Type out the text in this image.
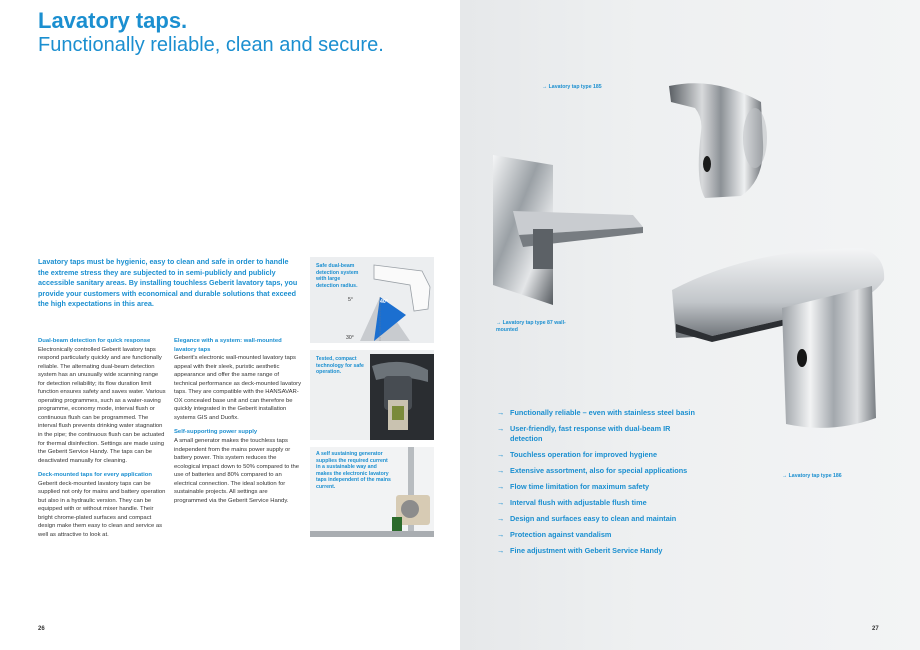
Lavatory taps.
Functionally reliable, clean and secure.

Lavatory taps must be hygienic, easy to clean and safe in order to handle the extreme stress they are subjected to in semi-publicly and publicly accessible sanitary areas. By installing touchless Geberit lavatory taps, you provide your customers with economical and durable solutions that exceed the high expectations in this area.

Dual-beam detection for quick response

Electronically controlled Geberit lavatory taps respond particularly quickly and are functionally reliable. The alternating dual-beam detection system has an unusually wide scanning range for detection reliability; its flow duration limit function ensures safety and saves water. Various operating programmes, such as a water-saving programme, economy mode, interval flush or continuous flush can be programmed. The interval flush prevents drinking water stagnation in the pipe; the continuous flush can be actuated for thermal disinfection. Settings are made using the Geberit Service Handy. The taps can be deactivated manually for cleaning.

Deck-mounted taps for every application

Geberit deck-mounted lavatory taps can be supplied not only for mains and battery operation but also in a hydraulic version. They can be equipped with or without mixer handle. Their bright chrome-plated surfaces and compact design make them easy to clean and service as well as attractive to look at.

Elegance with a system: wall-mounted lavatory taps

Geberit's electronic wall-mounted lavatory taps appeal with their sleek, puristic aesthetic appearance and offer the same range of technical performance as deck-mounted lavatory taps. They are compatible with the HANSAVAR-OX concealed base unit and can therefore be quickly integrated in the Geberit installation systems GIS and Duofix.

Self-supporting power supply

A small generator makes the touchless taps independent from the mains power supply or battery power. This system reduces the ecological impact down to 50% compared to the use of batteries and 80% compared to an electrical connection. The ideal solution for sustainable projects. All settings are programmed via the Geberit Service Handy.

Safe dual-beam detection system with large detection radius.
5°	40°
30°
Tested, compact technology for safe operation.
A self sustaining generator supplies the required current in a sustainable way and makes the electronic lavatory taps independent of the mains current.
26
→ Lavatory tap type 185
→ Lavatory tap type 87 wall-mounted
→ Lavatory tap type 186
27
→ Functionally reliable – even with stainless steel basin
→ User-friendly, fast response with dual-beam IR detection
→ Touchless operation for improved hygiene
→ Extensive assortment, also for special applications
→ Flow time limitation for maximum safety
→ Interval flush with adjustable flush time
→ Design and surfaces easy to clean and maintain
→ Protection against vandalism
→ Fine adjustment with Geberit Service Handy
